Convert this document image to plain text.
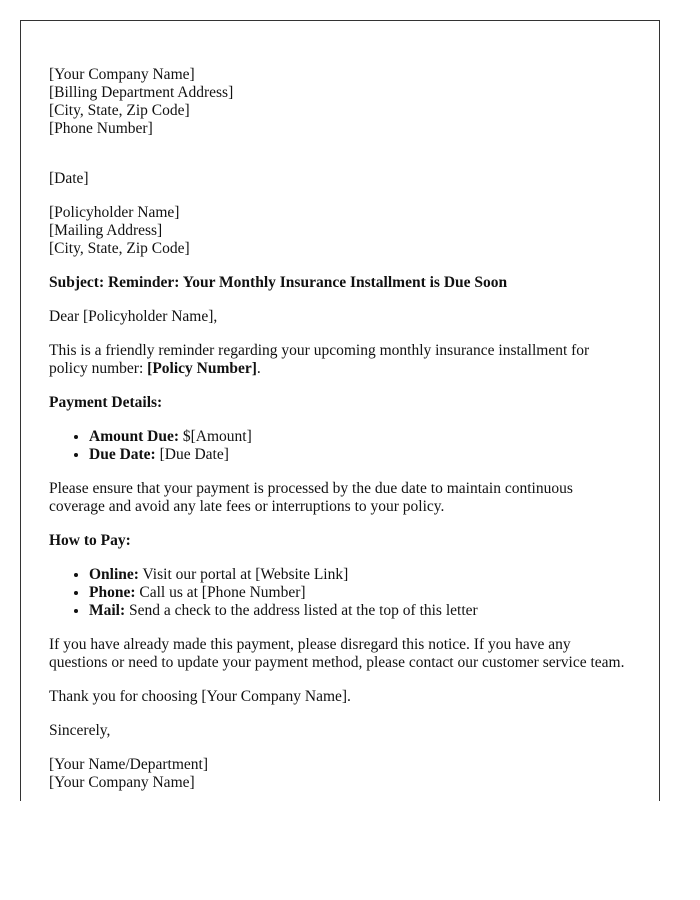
[Your Company Name]
[Billing Department Address]
[City, State, Zip Code]
[Phone Number]

[Date]

[Policyholder Name]
[Mailing Address]
[City, State, Zip Code]

Subject: Reminder: Your Monthly Insurance Installment is Due Soon

Dear [Policyholder Name],

This is a friendly reminder regarding your upcoming monthly insurance installment for policy number: [Policy Number].

Payment Details:

• Amount Due: $[Amount]
• Due Date: [Due Date]

Please ensure that your payment is processed by the due date to maintain continuous coverage and avoid any late fees or interruptions to your policy.

How to Pay:

• Online: Visit our portal at [Website Link]
• Phone: Call us at [Phone Number]
• Mail: Send a check to the address listed at the top of this letter

If you have already made this payment, please disregard this notice. If you have any questions or need to update your payment method, please contact our customer service team.

Thank you for choosing [Your Company Name].

Sincerely,

[Your Name/Department]
[Your Company Name]
